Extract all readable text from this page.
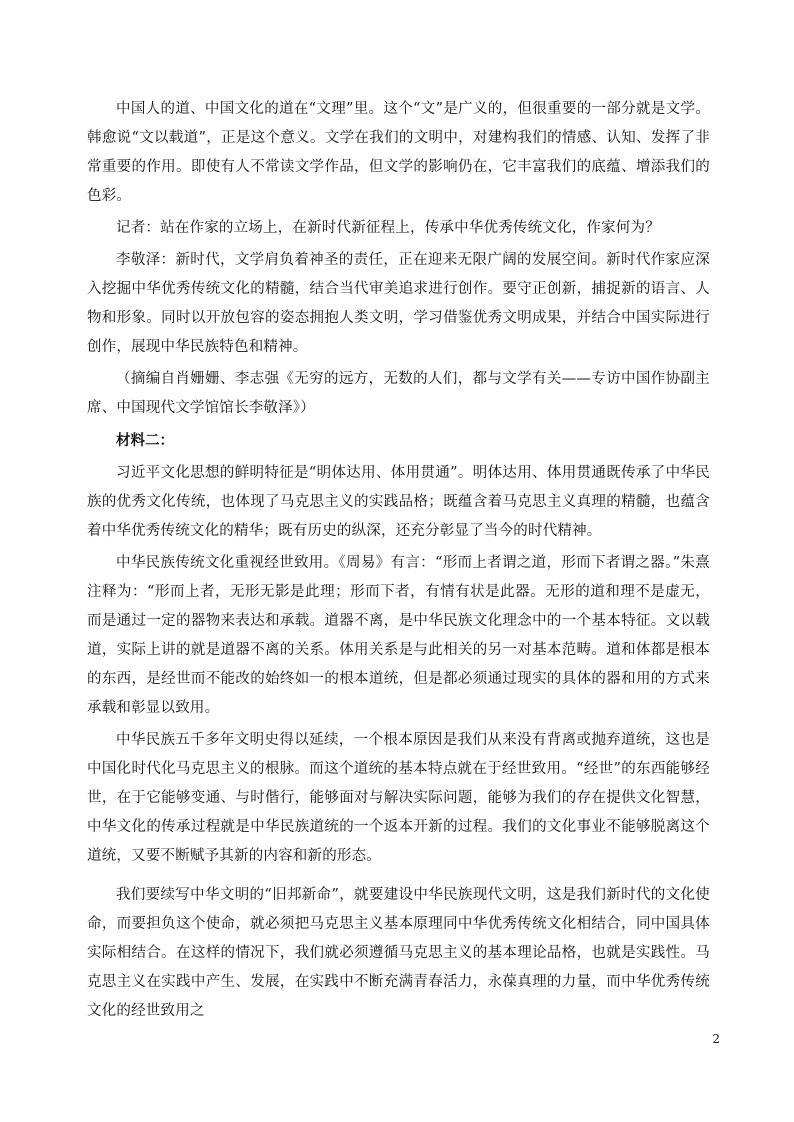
中国人的道、中国文化的道在“文理”里。这个“文”是广义的，但很重要的一部分就是文学。韩愈说“文以载道”，正是这个意义。文学在我们的文明中，对建构我们的情感、认知、发挥了非常重要的作用。即使有人不常读文学作品，但文学的影响仍在，它丰富我们的底蕴、增添我们的色彩。

记者：站在作家的立场上，在新时代新征程上，传承中华优秀传统文化，作家何为？

李敬泽：新时代，文学肩负着神圣的责任，正在迎来无限广阔的发展空间。新时代作家应深入挖掘中华优秀传统文化的精髓，结合当代审美追求进行创作。要守正创新，捕捉新的语言、人物和形象。同时以开放包容的姿态拥抱人类文明，学习借鉴优秀文明成果，并结合中国实际进行创作，展现中华民族特色和精神。

（摘编自肖姗姗、李志强《无穷的远方，无数的人们，都与文学有关——专访中国作协副主席、中国现代文学馆馆长李敬泽》）

材料二：

习近平文化思想的鲜明特征是“明体达用、体用贯通”。明体达用、体用贯通既传承了中华民族的优秀文化传统，也体现了马克思主义的实践品格；既蕴含着马克思主义真理的精髓，也蕴含着中华优秀传统文化的精华；既有历史的纵深，还充分彰显了当今的时代精神。

中华民族传统文化重视经世致用。《周易》有言：“形而上者谓之道，形而下者谓之器。”朱熹注释为：“形而上者，无形无影是此理；形而下者，有情有状是此器。无形的道和理不是虚无，而是通过一定的器物来表达和承载。道器不离，是中华民族文化理念中的一个基本特征。文以载道，实际上讲的就是道器不离的关系。体用关系是与此相关的另一对基本范畴。道和体都是根本的东西，是经世而不能改的始终如一的根本道统，但是都必须通过现实的具体的器和用的方式来承载和彰显以致用。

中华民族五千多年文明史得以延续，一个根本原因是我们从来没有背离或抛弃道统，这也是中国化时代化马克思主义的根脉。而这个道统的基本特点就在于经世致用。“经世”的东西能够经世，在于它能够变通、与时偕行，能够面对与解决实际问题，能够为我们的存在提供文化智慧，中华文化的传承过程就是中华民族道统的一个返本开新的过程。我们的文化事业不能够脱离这个道统，又要不断赋予其新的内容和新的形态。

我们要续写中华文明的“旧邦新命”，就要建设中华民族现代文明，这是我们新时代的文化使命，而要担负这个使命，就必须把马克思主义基本原理同中华优秀传统文化相结合，同中国具体实际相结合。在这样的情况下，我们就必须遵循马克思主义的基本理论品格，也就是实践性。马克思主义在实践中产生、发展，在实践中不断充满青春活力，永葆真理的力量，而中华优秀传统文化的经世致用之

2
